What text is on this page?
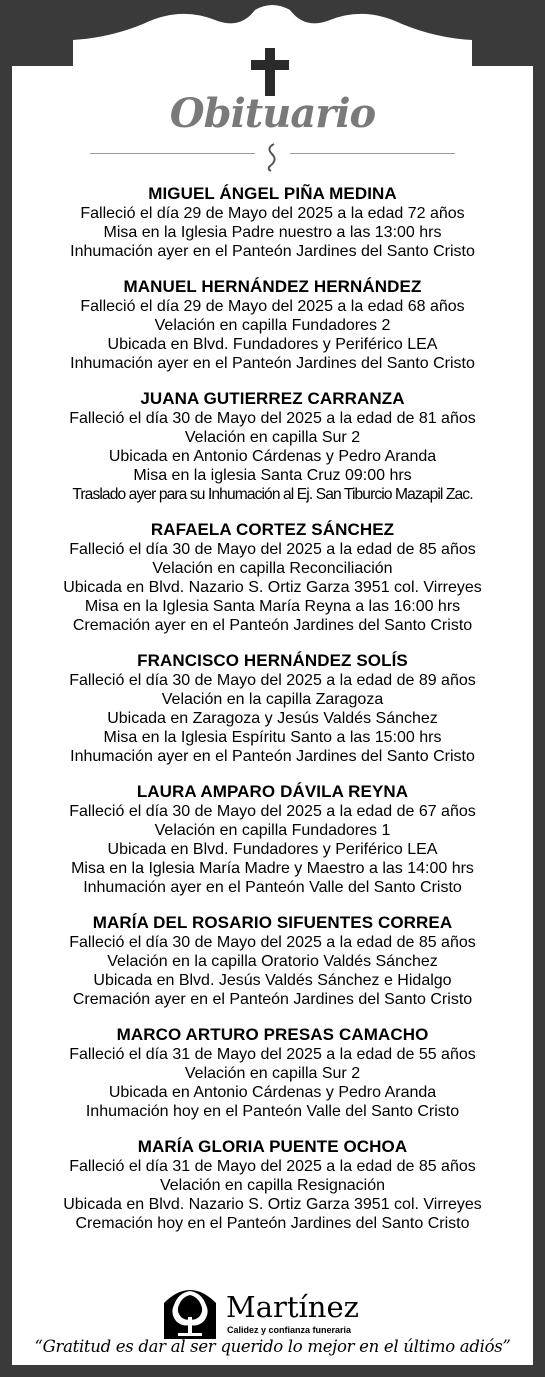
Obituario
MIGUEL ÁNGEL PIÑA MEDINA
Falleció el día 29 de Mayo del 2025 a la edad 72 años
Misa en la Iglesia Padre nuestro a las 13:00 hrs
Inhumación ayer en el Panteón Jardines del Santo Cristo
MANUEL HERNÁNDEZ HERNÁNDEZ
Falleció el día 29 de Mayo del 2025 a la edad 68 años
Velación en capilla Fundadores 2
Ubicada en Blvd. Fundadores y Periférico LEA
Inhumación ayer en el Panteón Jardines del Santo Cristo
JUANA GUTIERREZ CARRANZA
Falleció el día 30 de Mayo del 2025 a la edad de 81 años
Velación en capilla Sur 2
Ubicada en Antonio Cárdenas y Pedro Aranda
Misa en la iglesia Santa Cruz 09:00 hrs
Traslado ayer para su Inhumación al Ej. San Tiburcio Mazapil Zac.
RAFAELA CORTEZ SÁNCHEZ
Falleció el día 30 de Mayo del 2025 a la edad de 85 años
Velación en capilla Reconciliación
Ubicada en Blvd. Nazario S. Ortiz Garza 3951 col. Virreyes
Misa en la Iglesia Santa María Reyna a las 16:00 hrs
Cremación ayer en el Panteón Jardines del Santo Cristo
FRANCISCO HERNÁNDEZ SOLÍS
Falleció el día 30 de Mayo del 2025 a la edad de 89 años
Velación en la capilla Zaragoza
Ubicada en Zaragoza y Jesús Valdés Sánchez
Misa en la Iglesia Espíritu Santo a las 15:00 hrs
Inhumación ayer en el Panteón Jardines del Santo Cristo
LAURA AMPARO DÁVILA REYNA
Falleció el día 30 de Mayo del 2025 a la edad de 67 años
Velación en capilla Fundadores 1
Ubicada en Blvd. Fundadores y Periférico LEA
Misa en la Iglesia María Madre y Maestro a las 14:00 hrs
Inhumación ayer en el Panteón Valle del Santo Cristo
MARÍA DEL ROSARIO SIFUENTES CORREA
Falleció el día 30 de Mayo del 2025 a la edad de 85 años
Velación en la capilla Oratorio Valdés Sánchez
Ubicada en Blvd. Jesús Valdés Sánchez e Hidalgo
Cremación ayer en el Panteón Jardines del Santo Cristo
MARCO ARTURO PRESAS CAMACHO
Falleció el día 31 de Mayo del 2025 a la edad de 55 años
Velación en capilla Sur 2
Ubicada en Antonio Cárdenas y Pedro Aranda
Inhumación hoy en el Panteón Valle del Santo Cristo
MARÍA GLORIA PUENTE OCHOA
Falleció el día 31 de Mayo del 2025 a la edad de 85 años
Velación en capilla Resignación
Ubicada en Blvd. Nazario S. Ortiz Garza 3951 col. Virreyes
Cremación hoy en el Panteón Jardines del Santo Cristo
Martínez
Calidez y confianza funeraria
“Gratitud es dar al ser querido lo mejor en el último adiós”
